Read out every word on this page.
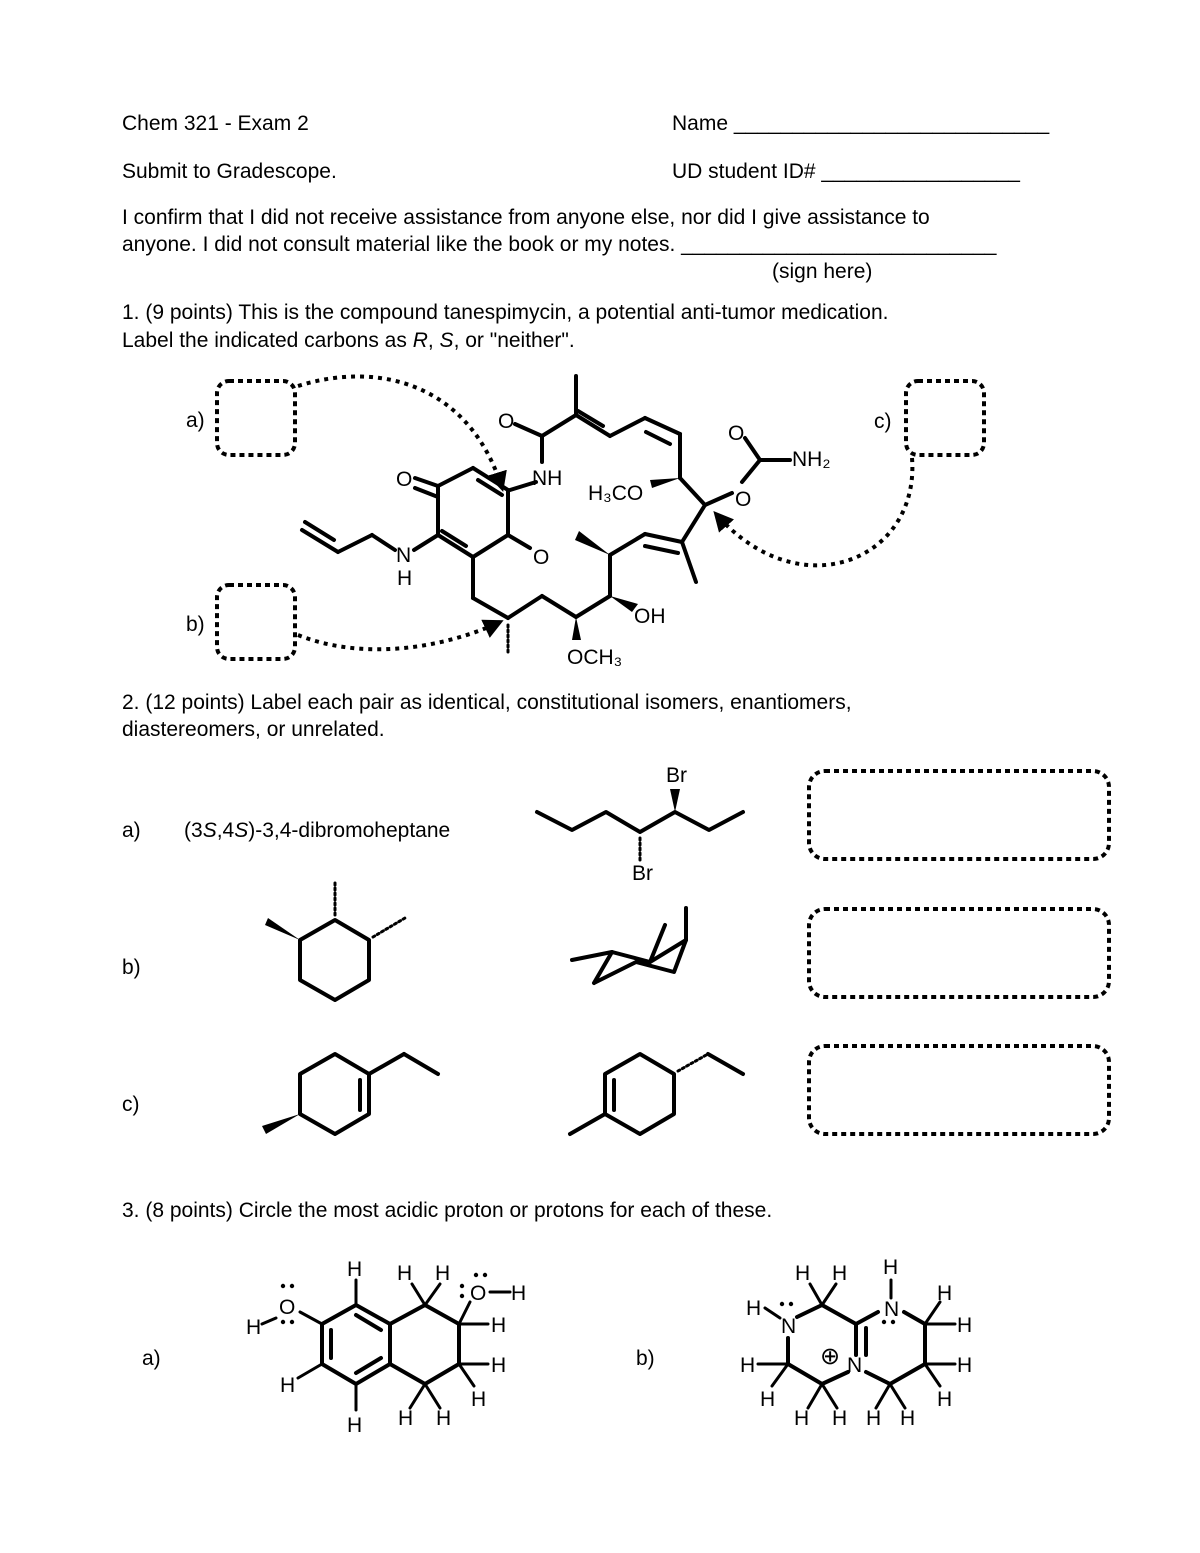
Chem 321 - Exam 2	Name ___________________________
Submit to Gradescope.	UD student ID# _________________
I confirm that I did not receive assistance from anyone else, nor did I give assistance to
anyone. I did not consult material like the book or my notes. ___________________________
(sign here)
1. (9 points) This is the compound tanespimycin, a potential anti-tumor medication.
Label the indicated carbons as R, S, or "neither".
2. (12 points) Label each pair as identical, constitutional isomers, enantiomers,
diastereomers, or unrelated.
a) (3S,4S)-3,4-dibromoheptane
b)
c)
3. (8 points) Circle the most acidic proton or protons for each of these.
a)	b)
a)
b)
c)
O
NH
O
H₃CO
O
NH₂
O
O
N
H
OH
OCH₃
Br
Br
O
H
H H H
O H
H
H
H
H H
H
H
N
N
N
⊕
H
H H H
H
H
H
H
H H
H H
H
H
